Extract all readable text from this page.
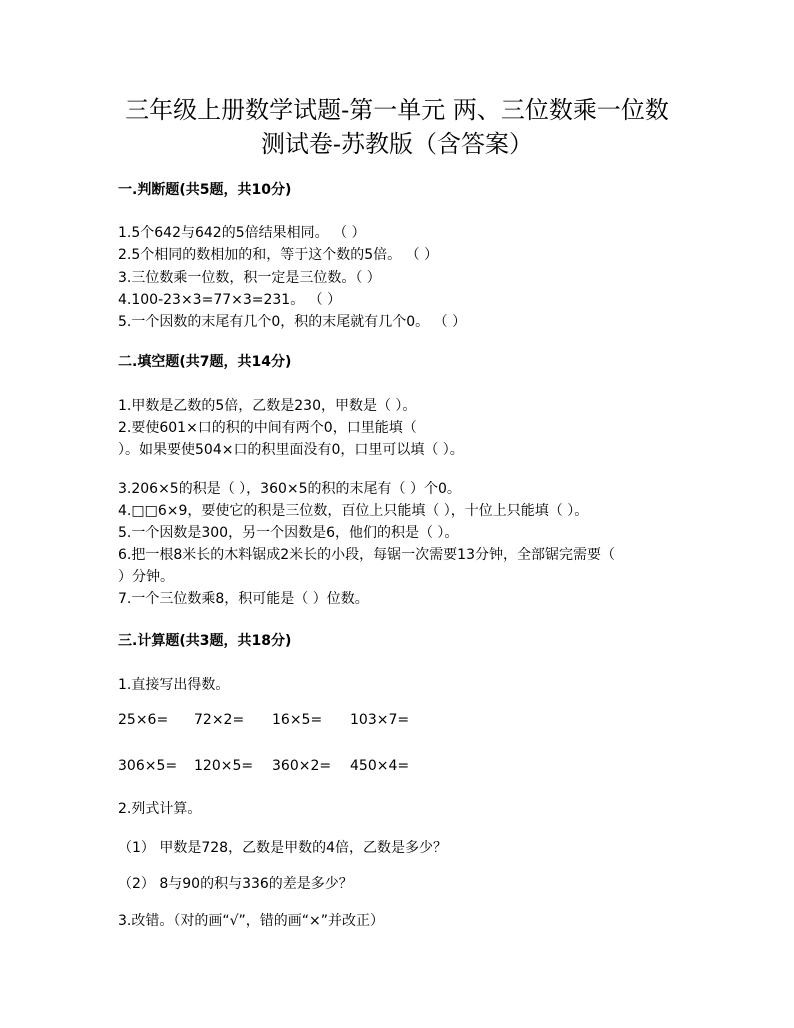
三年级上册数学试题-第一单元 两、三位数乘一位数
测试卷-苏教版（含答案）
一.判断题(共5题，共10分)
1.5个642与642的5倍结果相同。 （ ）
2.5个相同的数相加的和，等于这个数的5倍。 （ ）
3.三位数乘一位数，积一定是三位数。（ ）
4.100-23×3=77×3=231。 （ ）
5.一个因数的末尾有几个0，积的末尾就有几个0。 （ ）
二.填空题(共7题，共14分)
1.甲数是乙数的5倍，乙数是230，甲数是（ ）。
2.要使601×口的积的中间有两个0，口里能填（
）。如果要使504×口的积里面没有0，口里可以填（ ）。
3.206×5的积是（ ），360×5的积的末尾有（ ）个0。
4.□□6×9，要使它的积是三位数，百位上只能填（ ），十位上只能填（ ）。
5.一个因数是300，另一个因数是6，他们的积是（ ）。
6.把一根8米长的木料锯成2米长的小段，每锯一次需要13分钟，全部锯完需要（
）分钟。
7.一个三位数乘8，积可能是（ ）位数。
三.计算题(共3题，共18分)
1.直接写出得数。
25×6= 72×2= 16×5= 103×7=
306×5= 120×5= 360×2= 450×4=
2.列式计算。
（1） 甲数是728，乙数是甲数的4倍，乙数是多少？
（2） 8与90的积与336的差是多少？
3.改错。（对的画“√”，错的画“×”并改正）
